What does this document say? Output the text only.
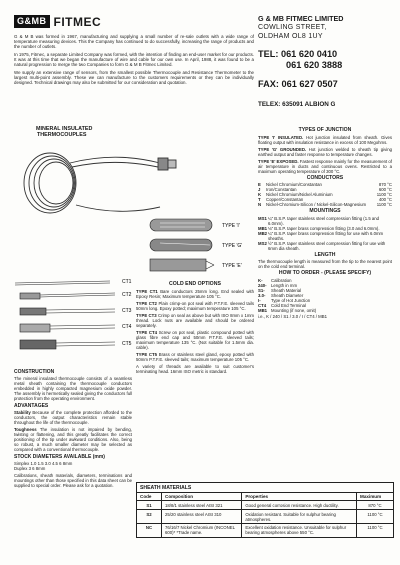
G&MB FITMEC	G & MB FITMEC LIMITED
COWLING STREET,
OLDHAM OL8 1UY
TEL: 061 620 0410
061 620 3888
FAX: 061 627 0507
TELEX: 635091 ALBION G

G & M B was formed in 1967, manufacturing and supplying a small number of re-sale outlets with a wide range of temperature measuring devices. This the Company has continued to do successfully, increasing the range of products and the number of outlets.

In 1975, Fitmec, a separate Limited Company was formed, with the intention of finding an end-user market for our products. It was at this time that we began the manufacture of wire and cable for our own use. In April, 1988, it was found to be a natural progression to merge the two Companies to form G & M B Fitmec Limited.

We supply an extensive range of sensors, from the smallest possible Thermocouple and Resistance Thermometer to the largest multi-point assembly. These we can manufacture to the customers requirements or they can be individually designed. Technical drawings may also be submitted for our consideration and quotation.

MINERAL INSULATED
THERMOCOUPLES
TYPE 'I'
TYPE 'G'
TYPE 'E'
CT1
CT2
CT3
CT4
CT5
CONSTRUCTION

The mineral insulated thermocouple consists of a seamless metal sheath containing the thermocouple conductors embedded in highly compacted magnesium oxide powder. The assembly is hermetically sealed giving the conductors full protection from the operating environment.

ADVANTAGES

Stability Because of the complete protection afforded to the conductors, the output characteristics remain stable throughout the life of the thermocouple.

Toughness The insulation is not impaired by bending, twisting or flattening, and this greatly facilitates the correct positioning of the tip under awkward conditions. Also, being so robust, a much smaller diameter may be selected as compared with a conventional thermocouple.

STOCK DIAMETERS AVAILABLE (mm)
Simplex 1.0 1.5 3.0 4.5 6 8mm

Duplex 3 6 8mm

Calibrations, sheath materials, diameters, terminations and mountings other than those specified in this data sheet can be supplied to special order. Please ask for a quotation.

COLD END OPTIONS

TYPE CT1 Bare conductors 25mm long. End sealed with Epoxy Resin; Maximum temperature 105 °C.

TYPE CT2 Plain crimp-on pot seal with P.T.F.E. sleeved tails 50mm long. Epoxy potted; maximum temperature 105 °C.

TYPE CT3 Crimp on seal as above but with ISO 8mm x 1mm thread. Lock nuts are available and should be ordered separately.

TYPE CT4 Screw on pot seal, plastic compound potted with glass fibre end cap and 50mm P.T.F.E. sleeved tails; maximum temperature 135 °C. (Not suitable for 1.5mm dia. cable).

TYPE CT5 Brass or stainless steel gland, epoxy potted with 50mm P.T.F.E. sleeved tails; maximum temperature 105 °C.

A variety of threads are available to suit customer's terminating head. 16mm ISO metric is standard.

TYPES OF JUNCTION

TYPE 'I' INSULATED. Hot junction insulated from sheath. Gives floating output with insulation resistance in excess of 100 Megohms.

TYPE 'G' GROUNDED. Hot junction welded to sheath tip giving earthed output and faster response to temperature changes.

TYPE 'E' EXPOSED. Fastest response mainly for the measurement of air temperature in ducts and continuous ovens. Restricted to a maximum operating temperature of 300 °C.

CONDUCTORS
E	Nickel Chromium/Constantan	870 °C
J	Iron/Constantan	600 °C
K	Nickel Chromium/Nickel Aluminium	1100 °C
T	Copper/Constantan	400 °C
N	Nickel-Chromium-Silicon / Nickel-Silicon-Magnesium	1100 °C
MOUNTINGS
MS1 ¼" B.S.P. taper stainless steel compression fitting (1.5 and 6.0mm).
MB1 ⅛" B.S.P. taper brass compression fitting (3.0 and 6.0mm).
MB2 ¼" B.S.P. taper brass compression fitting for use with 6.0mm sheaths.
MS2 ½" B.S.P. taper stainless steel compression fitting for use with 6mm dia sheath.
LENGTH

The thermocouple length is measured from the tip to the nearest point on the cold end terminal.

HOW TO ORDER - (PLEASE SPECIFY)
K-	Calibration
240-	Length in mm
S1-	Sheath Material
3.0-	Sheath Diameter
I-	Type of Hot Junction
CT4	Cold End Terminal
MB1 Mounting (if none, omit)
i.e., K / 240 / S1 / 3.0 / I / CT4 / MB1
SHEATH MATERIALS
Code	Composition	Properties	Maximum
S1	18/8/1 stainless steel AISI 321	Good general corrosion resistance. High ductility.	870 °C
S2	25/20 stainless steel AISI 310	Oxidation resistant. Suitable for sulphur bearing atmospheres.	1100 °C
NC	76/16/7 Nickel Chromium (INCONEL 600)* *Trade name.	Excellent oxidation resistance. Unsuitable for sulphur bearing atmospheres above 550 °C.	1100 °C
